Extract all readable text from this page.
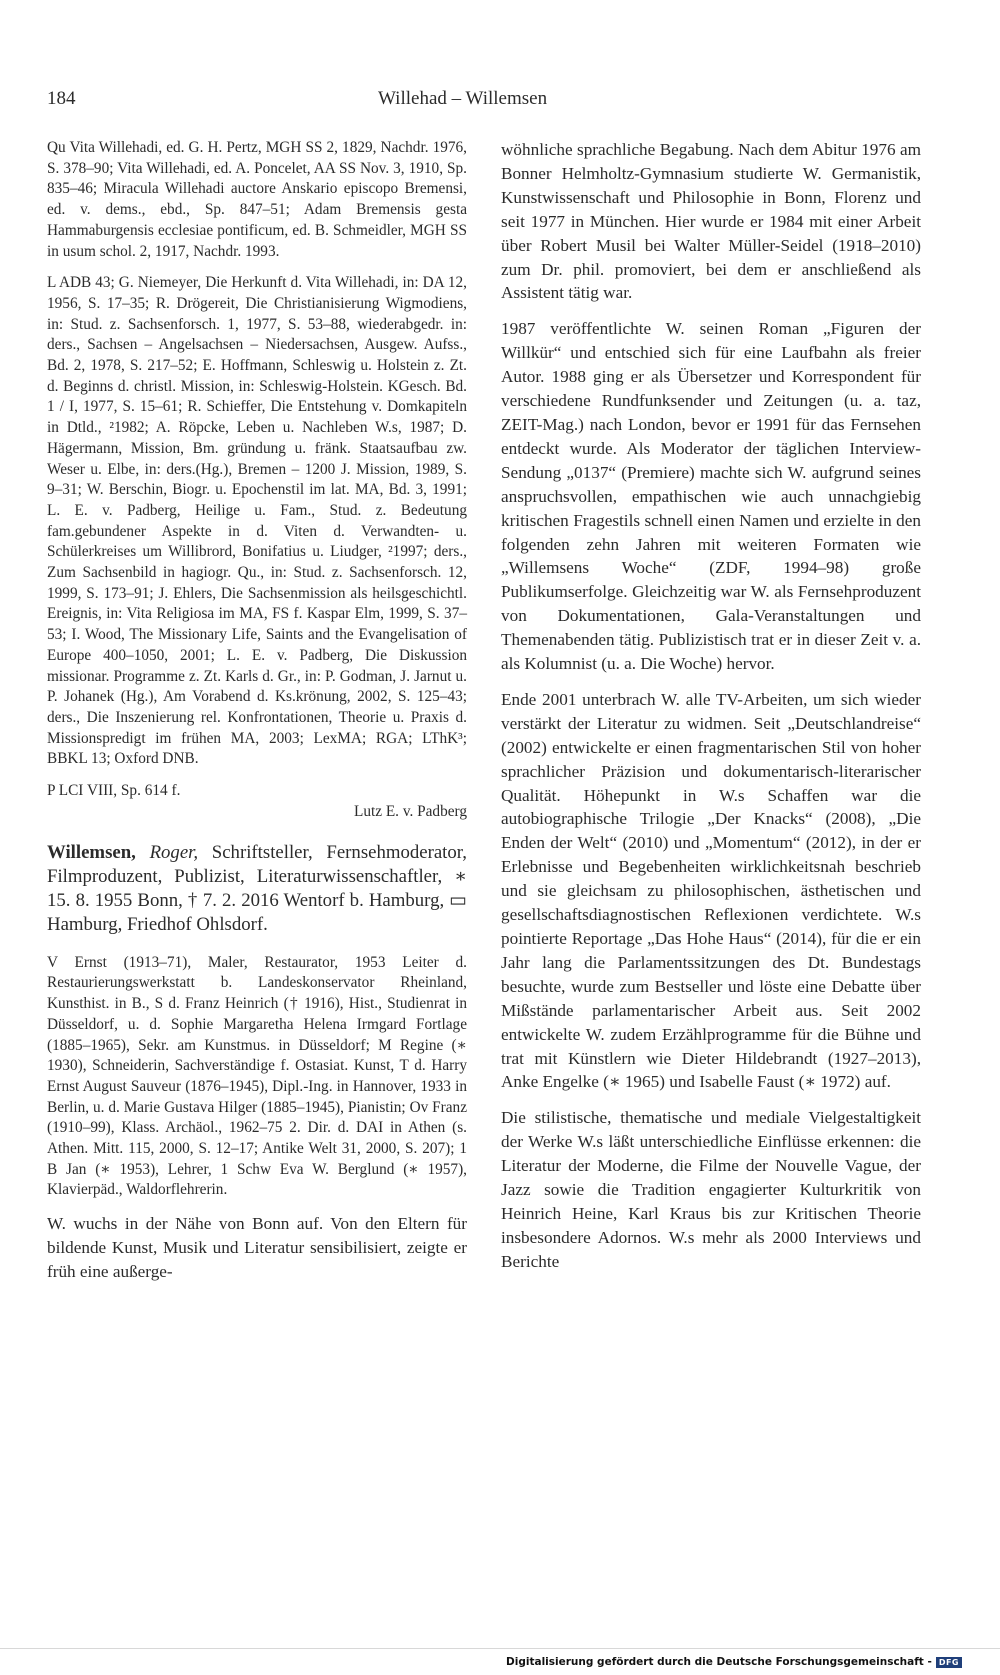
184	Willehad – Willemsen

Qu Vita Willehadi, ed. G. H. Pertz, MGH SS 2, 1829, Nachdr. 1976, S. 378–90; Vita Willehadi, ed. A. Poncelet, AA SS Nov. 3, 1910, Sp. 835–46; Miracula Willehadi auctore Anskario episcopo Bremensi, ed. v. dems., ebd., Sp. 847–51; Adam Bremensis gesta Hammaburgensis ecclesiae pontificum, ed. B. Schmeidler, MGH SS in usum schol. 2, 1917, Nachdr. 1993.

L ADB 43; G. Niemeyer, Die Herkunft d. Vita Willehadi, in: DA 12, 1956, S. 17–35; R. Drögereit, Die Christianisierung Wigmodiens, in: Stud. z. Sachsenforsch. 1, 1977, S. 53–88, wiederabgedr. in: ders., Sachsen – Angelsachsen – Niedersachsen, Ausgew. Aufss., Bd. 2, 1978, S. 217–52; E. Hoffmann, Schleswig u. Holstein z. Zt. d. Beginns d. christl. Mission, in: Schleswig-Holstein. KGesch. Bd. 1 / I, 1977, S. 15–61; R. Schieffer, Die Entstehung v. Domkapiteln in Dtld., ²1982; A. Röpcke, Leben u. Nachleben W.s, 1987; D. Hägermann, Mission, Bm. gründung u. fränk. Staatsaufbau zw. Weser u. Elbe, in: ders.(Hg.), Bremen – 1200 J. Mission, 1989, S. 9–31; W. Berschin, Biogr. u. Epochenstil im lat. MA, Bd. 3, 1991; L. E. v. Padberg, Heilige u. Fam., Stud. z. Bedeutung fam.gebundener Aspekte in d. Viten d. Verwandten- u. Schülerkreises um Willibrord, Bonifatius u. Liudger, ²1997; ders., Zum Sachsenbild in hagiogr. Qu., in: Stud. z. Sachsenforsch. 12, 1999, S. 173–91; J. Ehlers, Die Sachsenmission als heilsgeschichtl. Ereignis, in: Vita Religiosa im MA, FS f. Kaspar Elm, 1999, S. 37–53; I. Wood, The Missionary Life, Saints and the Evangelisation of Europe 400–1050, 2001; L. E. v. Padberg, Die Diskussion missionar. Programme z. Zt. Karls d. Gr., in: P. Godman, J. Jarnut u. P. Johanek (Hg.), Am Vorabend d. Ks.krönung, 2002, S. 125–43; ders., Die Inszenierung rel. Konfrontationen, Theorie u. Praxis d. Missionspredigt im frühen MA, 2003; LexMA; RGA; LThK³; BBKL 13; Oxford DNB.

P LCI VIII, Sp. 614 f.

Lutz E. v. Padberg

Willemsen, Roger, Schriftsteller, Fernsehmoderator, Filmproduzent, Publizist, Literaturwissenschaftler, ∗ 15. 8. 1955 Bonn, † 7. 2. 2016 Wentorf b. Hamburg, ▭ Hamburg, Friedhof Ohlsdorf.

V Ernst (1913–71), Maler, Restaurator, 1953 Leiter d. Restaurierungswerkstatt b. Landeskonservator Rheinland, Kunsthist. in B., S d. Franz Heinrich († 1916), Hist., Studienrat in Düsseldorf, u. d. Sophie Margaretha Helena Irmgard Fortlage (1885–1965), Sekr. am Kunstmus. in Düsseldorf; M Regine (∗ 1930), Schneiderin, Sachverständige f. Ostasiat. Kunst, T d. Harry Ernst August Sauveur (1876–1945), Dipl.-Ing. in Hannover, 1933 in Berlin, u. d. Marie Gustava Hilger (1885–1945), Pianistin; Ov Franz (1910–99), Klass. Archäol., 1962–75 2. Dir. d. DAI in Athen (s. Athen. Mitt. 115, 2000, S. 12–17; Antike Welt 31, 2000, S. 207); 1 B Jan (∗ 1953), Lehrer, 1 Schw Eva W. Berglund (∗ 1957), Klavierpäd., Waldorflehrerin.

W. wuchs in der Nähe von Bonn auf. Von den Eltern für bildende Kunst, Musik und Literatur sensibilisiert, zeigte er früh eine außerge-

wöhnliche sprachliche Begabung. Nach dem Abitur 1976 am Bonner Helmholtz-Gymnasium studierte W. Germanistik, Kunstwissenschaft und Philosophie in Bonn, Florenz und seit 1977 in München. Hier wurde er 1984 mit einer Arbeit über Robert Musil bei Walter Müller-Seidel (1918–2010) zum Dr. phil. promoviert, bei dem er anschließend als Assistent tätig war.

1987 veröffentlichte W. seinen Roman „Figuren der Willkür“ und entschied sich für eine Laufbahn als freier Autor. 1988 ging er als Übersetzer und Korrespondent für verschiedene Rundfunksender und Zeitungen (u. a. taz, ZEIT-Mag.) nach London, bevor er 1991 für das Fernsehen entdeckt wurde. Als Moderator der täglichen Interview-Sendung „0137“ (Premiere) machte sich W. aufgrund seines anspruchsvollen, empathischen wie auch unnachgiebig kritischen Fragestils schnell einen Namen und erzielte in den folgenden zehn Jahren mit weiteren Formaten wie „Willemsens Woche“ (ZDF, 1994–98) große Publikumserfolge. Gleichzeitig war W. als Fernsehproduzent von Dokumentationen, Gala-Veranstaltungen und Themenabenden tätig. Publizistisch trat er in dieser Zeit v. a. als Kolumnist (u. a. Die Woche) hervor.

Ende 2001 unterbrach W. alle TV-Arbeiten, um sich wieder verstärkt der Literatur zu widmen. Seit „Deutschlandreise“ (2002) entwickelte er einen fragmentarischen Stil von hoher sprachlicher Präzision und dokumentarisch-literarischer Qualität. Höhepunkt in W.s Schaffen war die autobiographische Trilogie „Der Knacks“ (2008), „Die Enden der Welt“ (2010) und „Momentum“ (2012), in der er Erlebnisse und Begebenheiten wirklichkeitsnah beschrieb und sie gleichsam zu philosophischen, ästhetischen und gesellschaftsdiagnostischen Reflexionen verdichtete. W.s pointierte Reportage „Das Hohe Haus“ (2014), für die er ein Jahr lang die Parlamentssitzungen des Dt. Bundestags besuchte, wurde zum Bestseller und löste eine Debatte über Mißstände parlamentarischer Arbeit aus. Seit 2002 entwickelte W. zudem Erzählprogramme für die Bühne und trat mit Künstlern wie Dieter Hildebrandt (1927–2013), Anke Engelke (∗ 1965) und Isabelle Faust (∗ 1972) auf.

Die stilistische, thematische und mediale Vielgestaltigkeit der Werke W.s läßt unterschiedliche Einflüsse erkennen: die Literatur der Moderne, die Filme der Nouvelle Vague, der Jazz sowie die Tradition engagierter Kulturkritik von Heinrich Heine, Karl Kraus bis zur Kritischen Theorie insbesondere Adornos. W.s mehr als 2000 Interviews und Berichte

Digitalisierung gefördert durch die Deutsche Forschungsgemeinschaft - DFG
